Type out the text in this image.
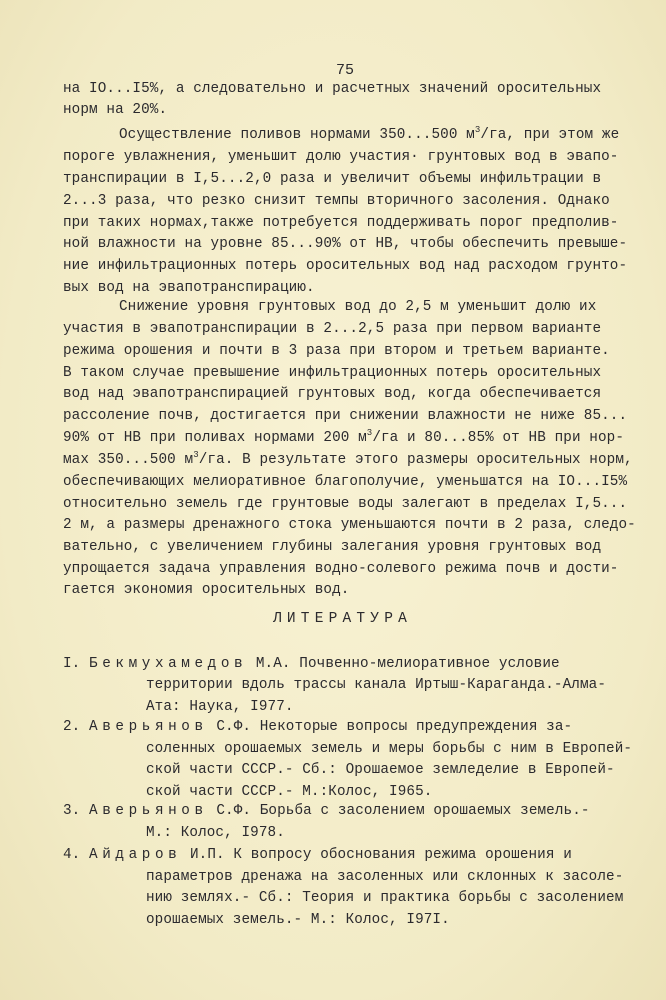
75
на IO...I5%, а следовательно и расчетных значений оросительных
норм на 20%.
Осуществление поливов нормами 350...500 $м^3/га$, при этом же
пороге увлажнения, уменьшит долю участия· грунтовых вод в эвапо-
транспирации в I,5...2,0 раза и увеличит объемы инфильтрации в
2...3 раза, что резко снизит темпы вторичного засоления. Однако
при таких нормах,также потребуется поддерживать порог предполив-
ной влажности на уровне 85...90% от НВ, чтобы обеспечить превыше-
ние инфильтрационных потерь оросительных вод над расходом грунто-
вых вод на эвапотранспирацию.
Снижение уровня грунтовых вод до 2,5 м уменьшит долю их
участия в эвапотранспирации в 2...2,5 раза при первом варианте
режима орошения и почти в 3 раза при втором и третьем варианте.
В таком случае превышение инфильтрационных потерь оросительных
вод над эвапотранспирацией грунтовых вод, когда обеспечивается
рассоление почв, достигается при снижении влажности не ниже 85...
90% от НВ при поливах нормами 200 $м^3/га$ и 80...85% от НВ при нор-
мах 350...500 $м^3/га$. В результате этого размеры оросительных норм,
обеспечивающих мелиоративное благополучие, уменьшатся на IO...I5%
относительно земель где грунтовые воды залегают в пределах I,5...
2 м, а размеры дренажного стока уменьшаются почти в 2 раза, следо-
вательно, с увеличением глубины залегания уровня грунтовых вод
упрощается задача управления водно-солевого режима почв и дости-
гается экономия оросительных вод.
ЛИТЕРАТУРА
I. Бекмухамедов М.А. Почвенно-мелиоративное условие
территории вдоль трассы канала Иртыш-Караганда.-Алма-
Ата: Наука, I977.
2. Аверьянов С.Ф. Некоторые вопросы предупреждения за-
соленных орошаемых земель и меры борьбы с ним в Европей-
ской части СССР.- Сб.: Орошаемое земледелие в Европей-
ской части СССР.- М.:Колос, I965.
3. Аверьянов С.Ф. Борьба с засолением орошаемых земель.-
М.: Колос, I978.
4. Айдаров И.П. К вопросу обоснования режима орошения и
параметров дренажа на засоленных или склонных к засоле-
нию землях.- Сб.: Теория и практика борьбы с засолением
орошаемых земель.- М.: Колос, I97I.
